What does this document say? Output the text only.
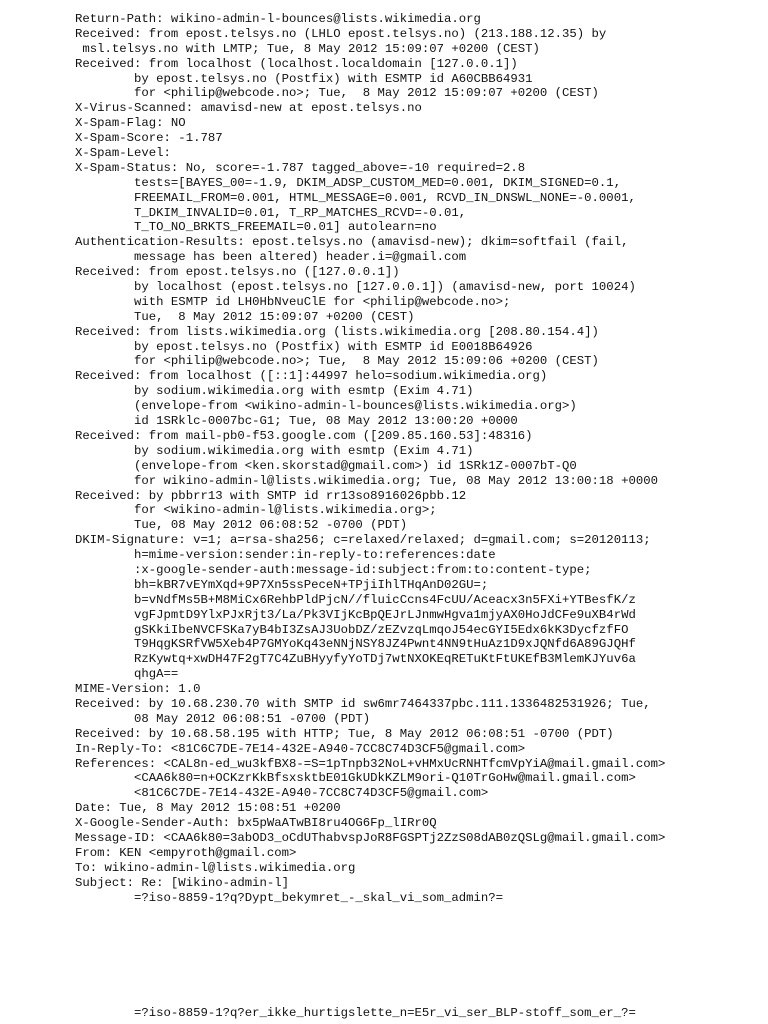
Return-Path: wikino-admin-l-bounces@lists.wikimedia.org
Received: from epost.telsys.no (LHLO epost.telsys.no) (213.188.12.35) by
msl.telsys.no with LMTP; Tue, 8 May 2012 15:09:07 +0200 (CEST)
Received: from localhost (localhost.localdomain [127.0.0.1])
by epost.telsys.no (Postfix) with ESMTP id A60CBB64931
for <philip@webcode.no>; Tue,  8 May 2012 15:09:07 +0200 (CEST)
X-Virus-Scanned: amavisd-new at epost.telsys.no
X-Spam-Flag: NO
X-Spam-Score: -1.787
X-Spam-Level:
X-Spam-Status: No, score=-1.787 tagged_above=-10 required=2.8
tests=[BAYES_00=-1.9, DKIM_ADSP_CUSTOM_MED=0.001, DKIM_SIGNED=0.1,
FREEMAIL_FROM=0.001, HTML_MESSAGE=0.001, RCVD_IN_DNSWL_NONE=-0.0001,
T_DKIM_INVALID=0.01, T_RP_MATCHES_RCVD=-0.01,
T_TO_NO_BRKTS_FREEMAIL=0.01] autolearn=no
Authentication-Results: epost.telsys.no (amavisd-new); dkim=softfail (fail,
message has been altered) header.i=@gmail.com
Received: from epost.telsys.no ([127.0.0.1])
by localhost (epost.telsys.no [127.0.0.1]) (amavisd-new, port 10024)
with ESMTP id LH0HbNveuClE for <philip@webcode.no>;
Tue,  8 May 2012 15:09:07 +0200 (CEST)
Received: from lists.wikimedia.org (lists.wikimedia.org [208.80.154.4])
by epost.telsys.no (Postfix) with ESMTP id E0018B64926
for <philip@webcode.no>; Tue,  8 May 2012 15:09:06 +0200 (CEST)
Received: from localhost ([::1]:44997 helo=sodium.wikimedia.org)
by sodium.wikimedia.org with esmtp (Exim 4.71)
(envelope-from <wikino-admin-l-bounces@lists.wikimedia.org>)
id 1SRklc-0007bc-G1; Tue, 08 May 2012 13:00:20 +0000
Received: from mail-pb0-f53.google.com ([209.85.160.53]:48316)
by sodium.wikimedia.org with esmtp (Exim 4.71)
(envelope-from <ken.skorstad@gmail.com>) id 1SRk1Z-0007bT-Q0
for wikino-admin-l@lists.wikimedia.org; Tue, 08 May 2012 13:00:18 +0000
Received: by pbbrr13 with SMTP id rr13so8916026pbb.12
for <wikino-admin-l@lists.wikimedia.org>;
Tue, 08 May 2012 06:08:52 -0700 (PDT)
DKIM-Signature: v=1; a=rsa-sha256; c=relaxed/relaxed; d=gmail.com; s=20120113;
h=mime-version:sender:in-reply-to:references:date
:x-google-sender-auth:message-id:subject:from:to:content-type;
bh=kBR7vEYmXqd+9P7Xn5ssPeceN+TPjiIhlTHqAnD02GU=;
b=vNdfMs5B+M8MiCx6RehbPldPjcN//fluicCcns4FcUU/Aceacx3n5FXi+YTBesfK/z
vgFJpmtD9YlxPJxRjt3/La/Pk3VIjKcBpQEJrLJnmwHgva1mjyAX0HoJdCFe9uXB4rWd
gSKkiIbeNVCFSKa7yB4bI3ZsAJ3UobDZ/zEZvzqLmqoJ54ecGYI5Edx6kK3DycfzfFO
T9HqgKSRfVW5Xeb4P7GMYoKq43eNNjNSY8JZ4Pwnt4NN9tHuAz1D9xJQNfd6A89GJQHf
RzKywtq+xwDH47F2gT7C4ZuBHyyfyYoTDj7wtNXOKEqRETuKtFtUKEfB3MlemKJYuv6a
qhgA==
MIME-Version: 1.0
Received: by 10.68.230.70 with SMTP id sw6mr7464337pbc.111.1336482531926; Tue,
08 May 2012 06:08:51 -0700 (PDT)
Received: by 10.68.58.195 with HTTP; Tue, 8 May 2012 06:08:51 -0700 (PDT)
In-Reply-To: <81C6C7DE-7E14-432E-A940-7CC8C74D3CF5@gmail.com>
References: <CAL8n-ed_wu3kfBX8-=S=1pTnpb32NoL+vHMxUcRNHTfcmVpYiA@mail.gmail.com>
<CAA6k80=n+OCKzrKkBfsxsktbE01GkUDkKZLM9ori-Q10TrGoHw@mail.gmail.com>
<81C6C7DE-7E14-432E-A940-7CC8C74D3CF5@gmail.com>
Date: Tue, 8 May 2012 15:08:51 +0200
X-Google-Sender-Auth: bx5pWaATwBI8ru4OG6Fp_lIRr0Q
Message-ID: <CAA6k80=3abOD3_oCdUThabvspJoR8FGSPTj2ZzS08dAB0zQSLg@mail.gmail.com>
From: KEN <empyroth@gmail.com>
To: wikino-admin-l@lists.wikimedia.org
Subject: Re: [Wikino-admin-l]
=?iso-8859-1?q?Dypt_bekymret_-_skal_vi_som_admin?=
=?iso-8859-1?q?er_ikke_hurtigslette_n=E5r_vi_ser_BLP-stoff_som_er_?=
